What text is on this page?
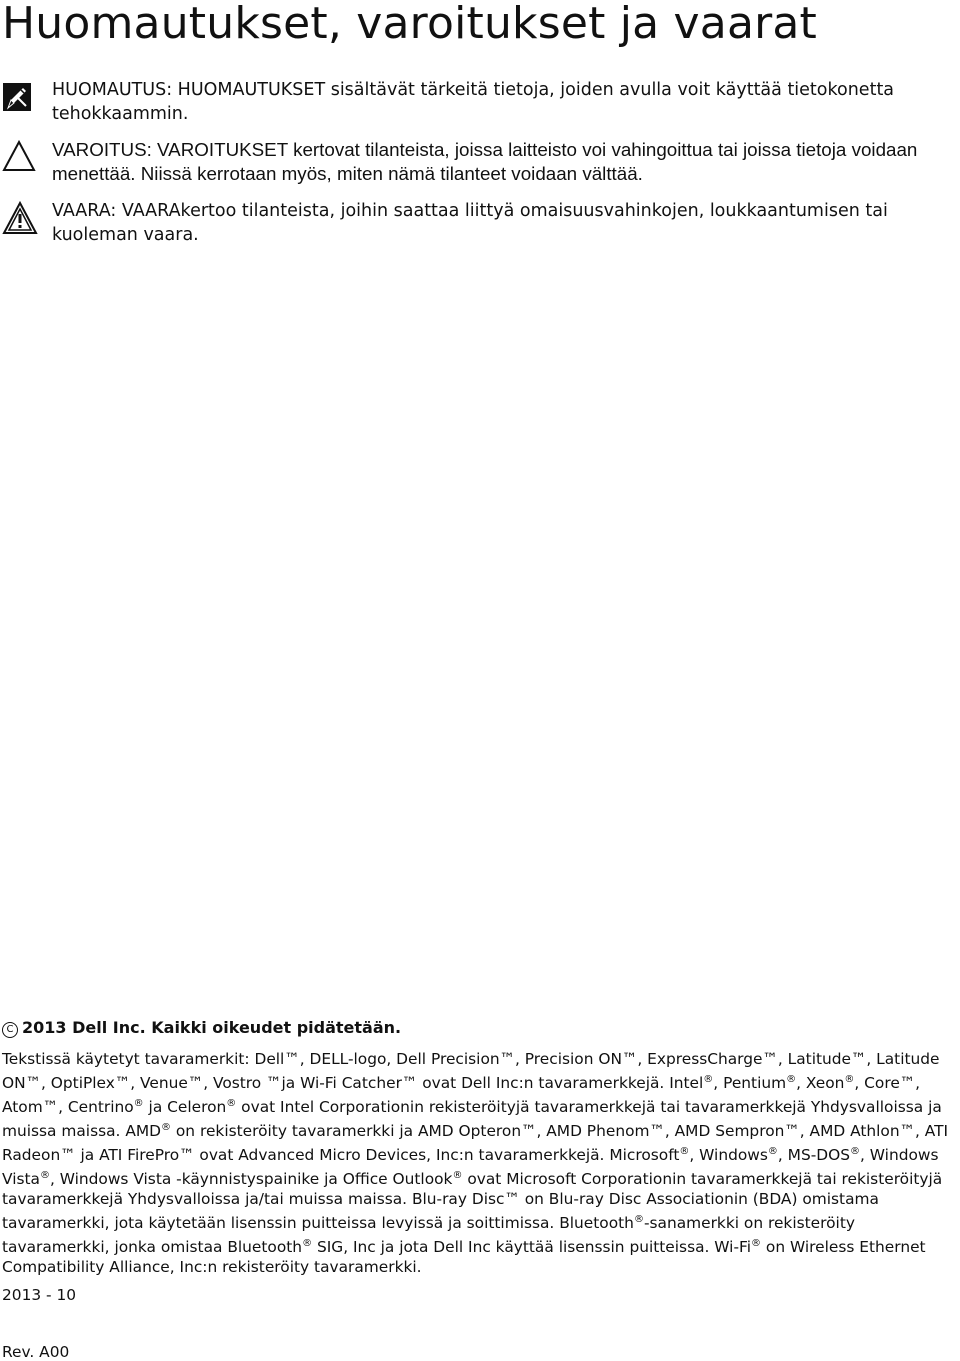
Huomautukset, varoitukset ja vaarat
HUOMAUTUS: HUOMAUTUKSET sisältävät tärkeitä tietoja, joiden avulla voit käyttää tietokonetta tehokkaammin.
VAROITUS: VAROITUKSET kertovat tilanteista, joissa laitteisto voi vahingoittua tai joissa tietoja voidaan menettää. Niissä kerrotaan myös, miten nämä tilanteet voidaan välttää.
VAARA: VAARAkertoo tilanteista, joihin saattaa liittyä omaisuusvahinkojen, loukkaantumisen tai kuoleman vaara.
C 2013 Dell Inc. Kaikki oikeudet pidätetään.

Tekstissä käytetyt tavaramerkit: Dell™, DELL-logo, Dell Precision™, Precision ON™, ExpressCharge™, Latitude™, Latitude ON™, OptiPlex™, Venue™, Vostro ™ja Wi-Fi Catcher™ ovat Dell Inc:n tavaramerkkejä. Intel®, Pentium®, Xeon®, Core™, Atom™, Centrino® ja Celeron® ovat Intel Corporationin rekisteröityjä tavaramerkkejä tai tavaramerkkejä Yhdysvalloissa ja muissa maissa. AMD® on rekisteröity tavaramerkki ja AMD Opteron™, AMD Phenom™, AMD Sempron™, AMD Athlon™, ATI Radeon™ ja ATI FirePro™ ovat Advanced Micro Devices, Inc:n tavaramerkkejä. Microsoft®, Windows®, MS-DOS®, Windows Vista®, Windows Vista -käynnistyspainike ja Office Outlook® ovat Microsoft Corporationin tavaramerkkejä tai rekisteröityjä tavaramerkkejä Yhdysvalloissa ja/tai muissa maissa. Blu-ray Disc™ on Blu-ray Disc Associationin (BDA) omistama tavaramerkki, jota käytetään lisenssin puitteissa levyissä ja soittimissa. Bluetooth®-sanamerkki on rekisteröity tavaramerkki, jonka omistaa Bluetooth® SIG, Inc ja jota Dell Inc käyttää lisenssin puitteissa. Wi-Fi® on Wireless Ethernet Compatibility Alliance, Inc:n rekisteröity tavaramerkki.

2013 - 10
Rev. A00
